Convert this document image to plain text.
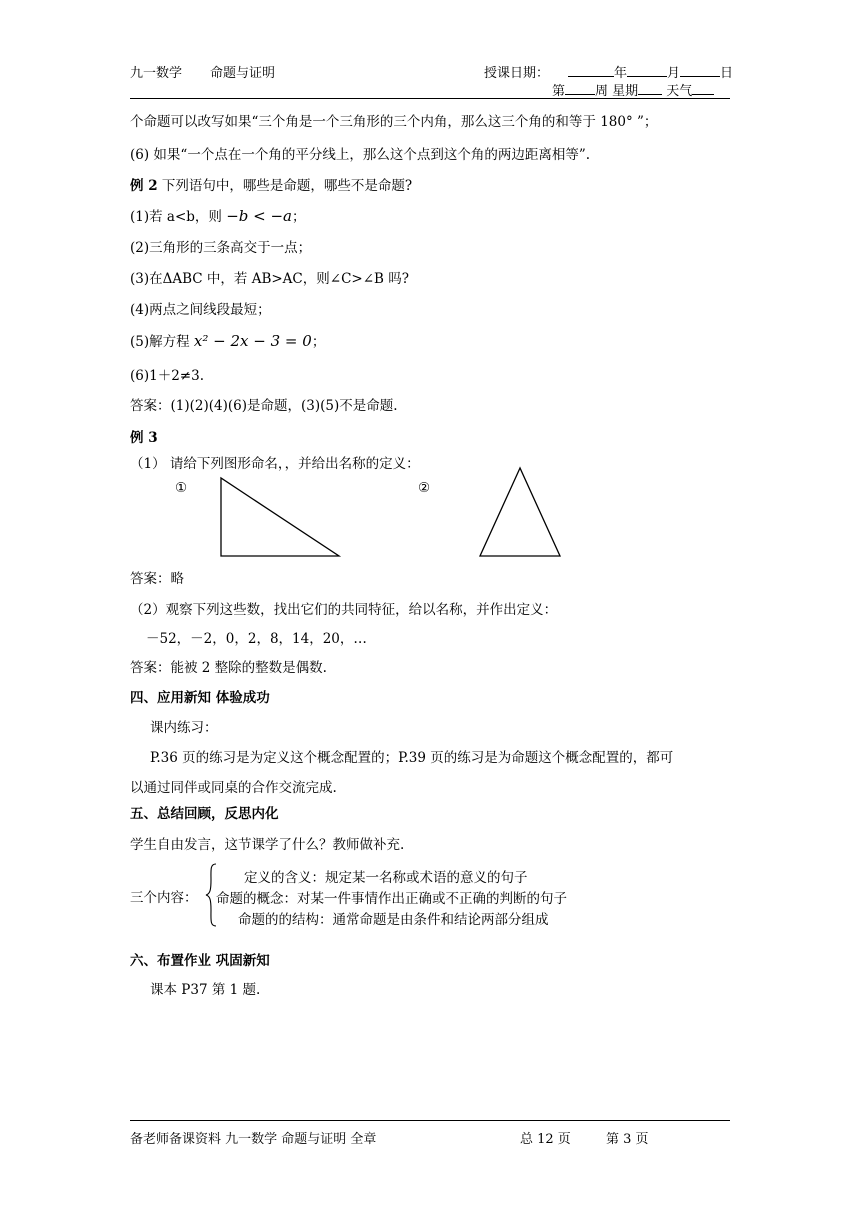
九一数学 命题与证明	授课日期：	年	月	日
第 周 星期 天气
个命题可以改写如果“三个角是一个三角形的三个内角，那么这三个角的和等于 180° ”；
(6) 如果“一个点在一个角的平分线上，那么这个点到这个角的两边距离相等”.
例 2 下列语句中，哪些是命题，哪些不是命题?
(1)若 a<b，则 −b < −a；
(2)三角形的三条高交于一点；
(3)在ΔABC 中，若 AB>AC，则∠C>∠B 吗?
(4)两点之间线段最短；
(5)解方程 x² − 2x − 3 = 0；
(6)1＋2≠3.
答案：(1)(2)(4)(6)是命题，(3)(5)不是命题.
例 3
（1） 请给下列图形命名，，并给出名称的定义：
①	②
答案：略
（2）观察下列这些数，找出它们的共同特征，给以名称，并作出定义：
－52，－2，0，2，8，14，20，…
答案：能被 2 整除的整数是偶数.
四、应用新知 体验成功
课内练习：
P.36 页的练习是为定义这个概念配置的；P.39 页的练习是为命题这个概念配置的，都可
以通过同伴或同桌的合作交流完成.
五、总结回顾，反思内化
学生自由发言，这节课学了什么？教师做补充.
三个内容：
定义的含义：规定某一名称或术语的意义的句子
命题的概念：对某一件事情作出正确或不正确的判断的句子
命题的的结构：通常命题是由条件和结论两部分组成
六、布置作业 巩固新知
课本 P37 第 1 题.
备老师备课资料 九一数学 命题与证明 全章	总 12 页	第 3 页
